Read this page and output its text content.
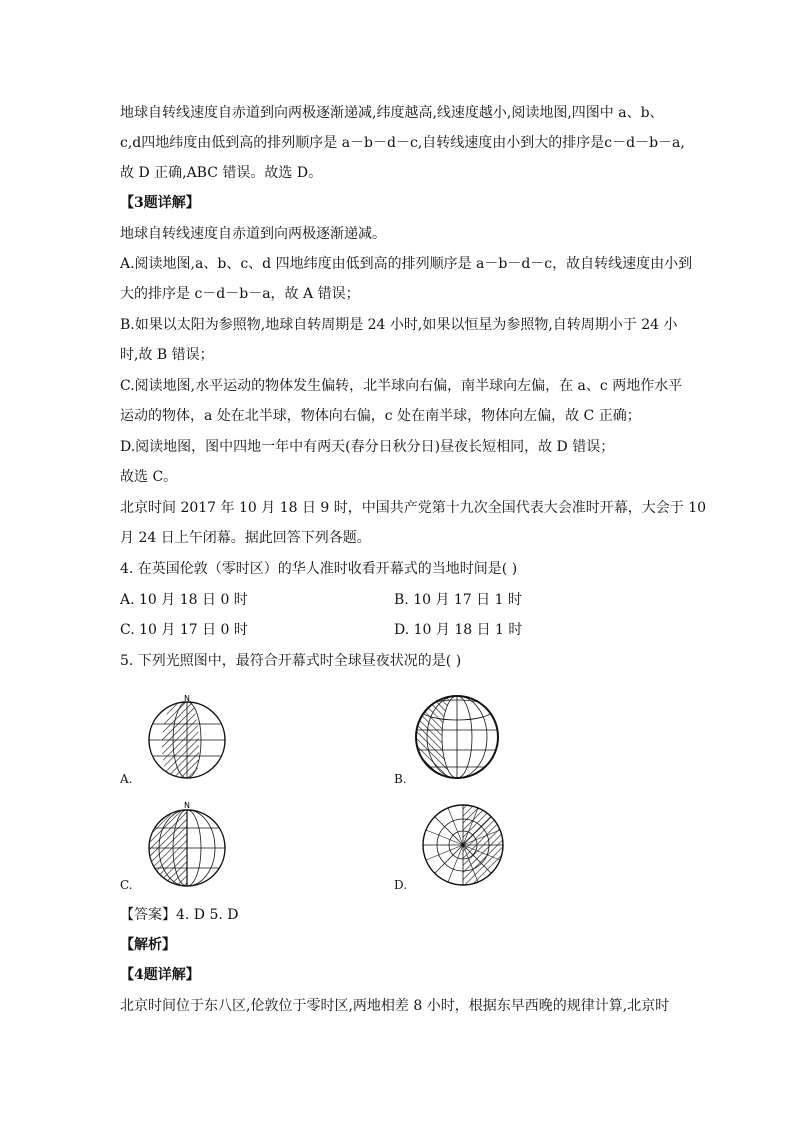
地球自转线速度自赤道到向两极逐渐递减,纬度越高,线速度越小,阅读地图,四图中 a、b、
c,d四地纬度由低到高的排列顺序是 a－b－d－c,自转线速度由小到大的排序是c－d－b－a,
故 D 正确,ABC 错误。故选 D。
【3题详解】
地球自转线速度自赤道到向两极逐渐递减。
A.阅读地图,a、b、c、d 四地纬度由低到高的排列顺序是 a－b－d－c，故自转线速度由小到
大的排序是 c－d－b－a，故 A 错误；
B.如果以太阳为参照物,地球自转周期是 24 小时,如果以恒星为参照物,自转周期小于 24 小
时,故 B 错误；
C.阅读地图,水平运动的物体发生偏转，北半球向右偏，南半球向左偏，在 a、c 两地作水平
运动的物体，a 处在北半球，物体向右偏，c 处在南半球，物体向左偏，故 C 正确；
D.阅读地图，图中四地一年中有两天(春分日秋分日)昼夜长短相同，故 D 错误；
故选 C。
北京时间 2017 年 10 月 18 日 9 时，中国共产党第十九次全国代表大会准时开幕，大会于 10
月 24 日上午闭幕。据此回答下列各题。
4. 在英国伦敦（零时区）的华人准时收看开幕式的当地时间是( )
A. 10 月 18 日 0 时	B. 10 月 17 日 1 时
C. 10 月 17 日 0 时	D. 10 月 18 日 1 时
5. 下列光照图中，最符合开幕式时全球昼夜状况的是( )
N
A.	B.
N
C.	D.
【答案】4. D 5. D
【解析】
【4题详解】
北京时间位于东八区,伦敦位于零时区,两地相差 8 小时，根据东早西晚的规律计算,北京时
